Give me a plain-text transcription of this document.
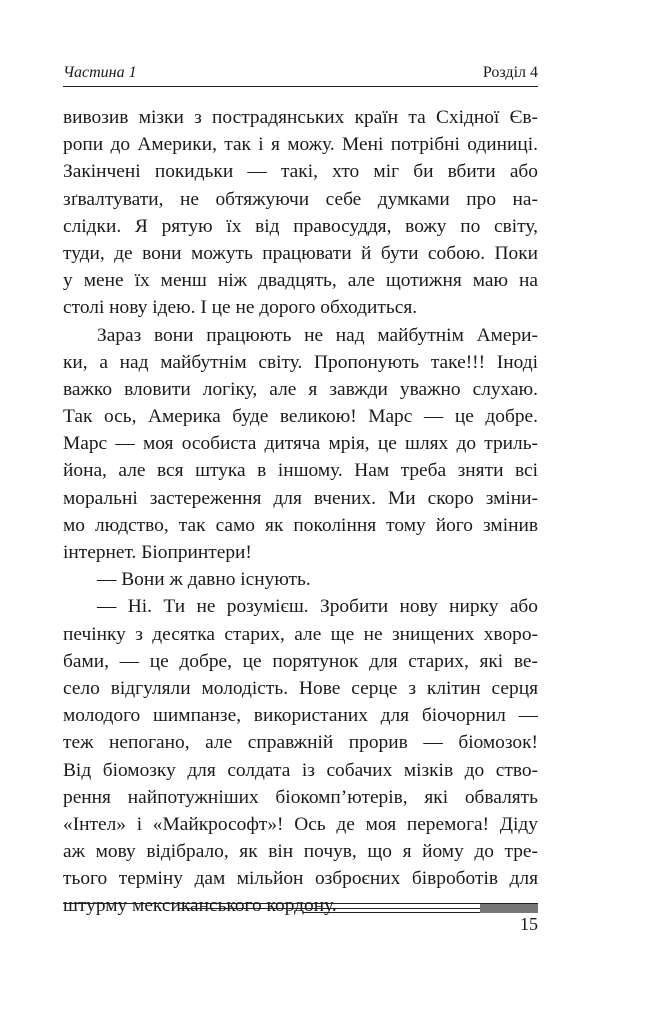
Частина 1	Розділ 4
вивозив мізки з пострадянських країн та Східної Єв-
ропи до Америки, так і я можу. Мені потрібні одиниці.
Закінчені покидьки — такі, хто міг би вбити або
зґвалтувати, не обтяжуючи себе думками про на-
слідки. Я рятую їх від правосуддя, вожу по світу,
туди, де вони можуть працювати й бути собою. Поки
у мене їх менш ніж двадцять, але щотижня маю на
столі нову ідею. І це не дорого обходиться.
Зараз вони працюють не над майбутнім Амери-
ки, а над майбутнім світу. Пропонують таке!!! Іноді
важко вловити логіку, але я завжди уважно слухаю.
Так ось, Америка буде великою! Марс — це добре.
Марс — моя особиста дитяча мрія, це шлях до триль-
йона, але вся штука в іншому. Нам треба зняти всі
моральні застереження для вчених. Ми скоро зміни-
мо людство, так само як покоління тому його змінив
інтернет. Біопринтери!
— Вони ж давно існують.
— Ні. Ти не розумієш. Зробити нову нирку або
печінку з десятка старих, але ще не знищених хворо-
бами, — це добре, це порятунок для старих, які ве-
село відгуляли молодість. Нове серце з клітин серця
молодого шимпанзе, використаних для біочорнил —
теж непогано, але справжній прорив — біомозок!
Від біомозку для солдата із собачих мізків до ство-
рення найпотужніших біокомп’ютерів, які обвалять
«Інтел» і «Майкрософт»! Ось де моя перемога! Діду
аж мову відібрало, як він почув, що я йому до тре-
тього терміну дам мільйон озброєних бівроботів для
штурму мексиканського кордону.
15
